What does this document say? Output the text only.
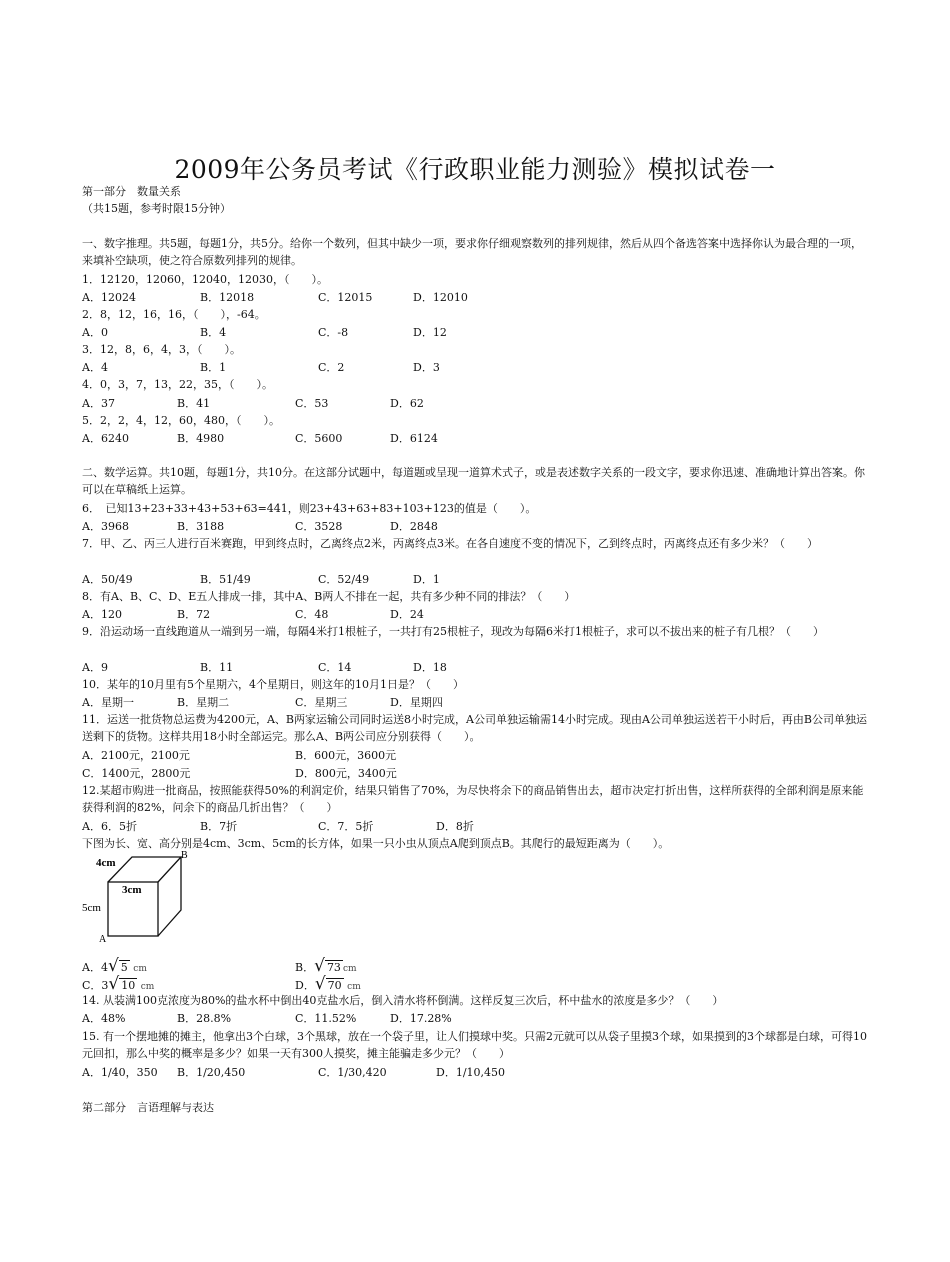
2009年公务员考试《行政职业能力测验》模拟试卷一
第一部分　数量关系
（共15题，参考时限15分钟）
一、数字推理。共5题，每题1分，共5分。给你一个数列，但其中缺少一项，要求你仔细观察数列的排列规律，然后从四个备选答案中选择你认为最合理的一项，来填补空缺项，使之符合原数列排列的规律。
1．12120，12060，12040，12030，（　　）。
A．12024	B．12018	C．12015	D．12010
2．8，12，16，16，（　　），-64。
A．0	B．4	C．-8	D．12
3．12，8，6，4，3，（　　）。
A．4	B．1	C．2	D．3
4．0，3，7，13，22，35，（　　）。
A．37	B．41	C．53	D．62
5．2，2，4，12，60，480，（　　）。
A．6240	B．4980	C．5600	D．6124
二、数学运算。共10题，每题1分，共10分。在这部分试题中，每道题或呈现一道算术式子，或是表述数字关系的一段文字，要求你迅速、准确地计算出答案。你可以在草稿纸上运算。
6．　已知13+23+33+43+53+63=441，则23+43+63+83+103+123的值是（　　）。
A．3968	B．3188	C．3528	D．2848
7．甲、乙、丙三人进行百米赛跑，甲到终点时，乙离终点2米，丙离终点3米。在各自速度不变的情况下，乙到终点时，丙离终点还有多少米？（　　）
A．50/49	B．51/49	C．52/49	D．1
8．有A、B、C、D、E五人排成一排，其中A、B两人不排在一起，共有多少种不同的排法？（　　）
A．120	B．72	C．48	D．24
9．沿运动场一直线跑道从一端到另一端，每隔4米打1根桩子，一共打有25根桩子，现改为每隔6米打1根桩子，求可以不拔出来的桩子有几根？（　　）
A．9	B．11	C．14	D．18
10．某年的10月里有5个星期六，4个星期日，则这年的10月1日是？（　　）
A．星期一	B．星期二	C．星期三	D．星期四
11．运送一批货物总运费为4200元，A、B两家运输公司同时运送8小时完成，A公司单独运输需14小时完成。现由A公司单独运送若干小时后，再由B公司单独运送剩下的货物。这样共用18小时全部运完。那么A、B两公司应分别获得（　　）。
A．2100元，2100元	B．600元，3600元
C．1400元，2800元	D．800元，3400元
12.某超市购进一批商品，按照能获得50%的利润定价，结果只销售了70%，为尽快将余下的商品销售出去，超市决定打折出售，这样所获得的全部利润是原来能获得利润的82%，问余下的商品几折出售？（　　）
A．6．5折	B．7折	C．7．5折	D．8折
下图为长、宽、高分别是4cm、3cm、5cm的长方体，如果一只小虫从顶点A爬到顶点B。其爬行的最短距离为（　　）。
4cm
3cm
5cm
A
B
A．4√ 5 cm	B．√ 73 cm
C．3√ 10 cm	D．√ 70 cm
14. 从装满100克浓度为80%的盐水杯中倒出40克盐水后，倒入清水将杯倒满。这样反复三次后，杯中盐水的浓度是多少？（　　）
A．48%	B．28.8%	C．11.52%	D．17.28%
15. 有一个摆地摊的摊主，他拿出3个白球，3个黑球，放在一个袋子里，让人们摸球中奖。只需2元就可以从袋子里摸3个球，如果摸到的3个球都是白球，可得10元回扣，那么中奖的概率是多少？如果一天有300人摸奖，摊主能骗走多少元？（　　）
A．1/40，350 B．1/20,450	C．1/30,420	D．1/10,450
第二部分　言语理解与表达
